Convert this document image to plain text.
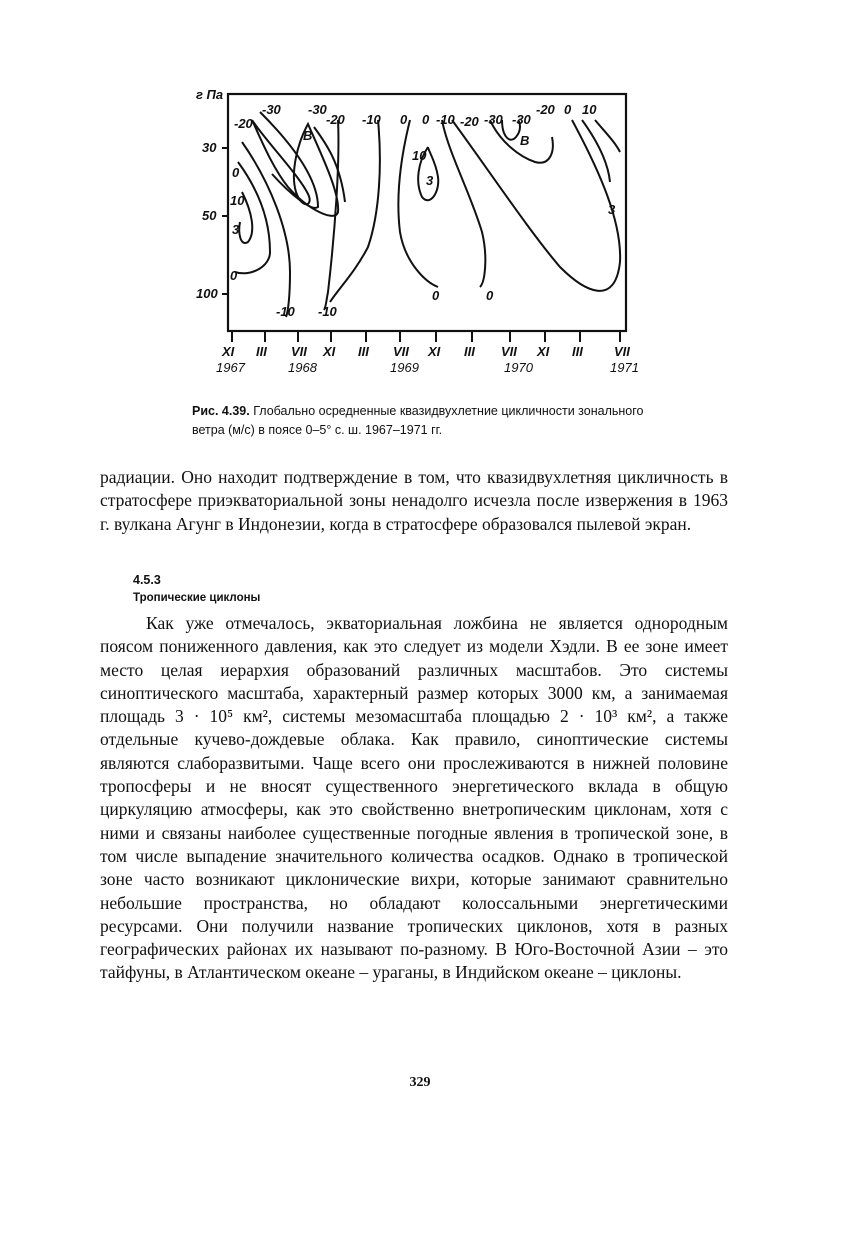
г Па
30
50
100
XI III VII XI III VII XI III VII XI III VII
1967	1968	1969	1970	1971
-20
-30 -30
-20 -10 0 0 -10 -20 -30 -30
-20 0 10
B	B
3
3
10
0
10
3
0
-10 -10
0	0
Рис. 4.39. Глобально осредненные квазидвухлетние цикличности зонального ветра (м/с) в поясе 0–5° с. ш. 1967–1971 гг.

радиации. Оно находит подтверждение в том, что квазидвухлетняя цикличность в стратосфере приэкваториальной зоны ненадолго исчезла после извержения в 1963 г. вулкана Агунг в Индонезии, когда в стратосфере образовался пылевой экран.

4.5.3
Тропические циклоны

Как уже отмечалось, экваториальная ложбина не является однородным поясом пониженного давления, как это следует из модели Хэдли. В ее зоне имеет место целая иерархия образований различных масштабов. Это системы синоптического масштаба, характерный размер которых 3000 км, а занимаемая площадь 3 · 10⁵ км², системы мезомасштаба площадью 2 · 10³ км², а также отдельные кучево-дождевые облака. Как правило, синоптические системы являются слаборазвитыми. Чаще всего они прослеживаются в нижней половине тропосферы и не вносят существенного энергетического вклада в общую циркуляцию атмосферы, как это свойственно внетропическим циклонам, хотя с ними и связаны наиболее существенные погодные явления в тропической зоне, в том числе выпадение значительного количества осадков. Однако в тропической зоне часто возникают циклонические вихри, которые занимают сравнительно небольшие пространства, но обладают колоссальными энергетическими ресурсами. Они получили название тропических циклонов, хотя в разных географических районах их называют по-разному. В Юго-Восточной Азии – это тайфуны, в Атлантическом океане – ураганы, в Индийском океане – циклоны.

329
